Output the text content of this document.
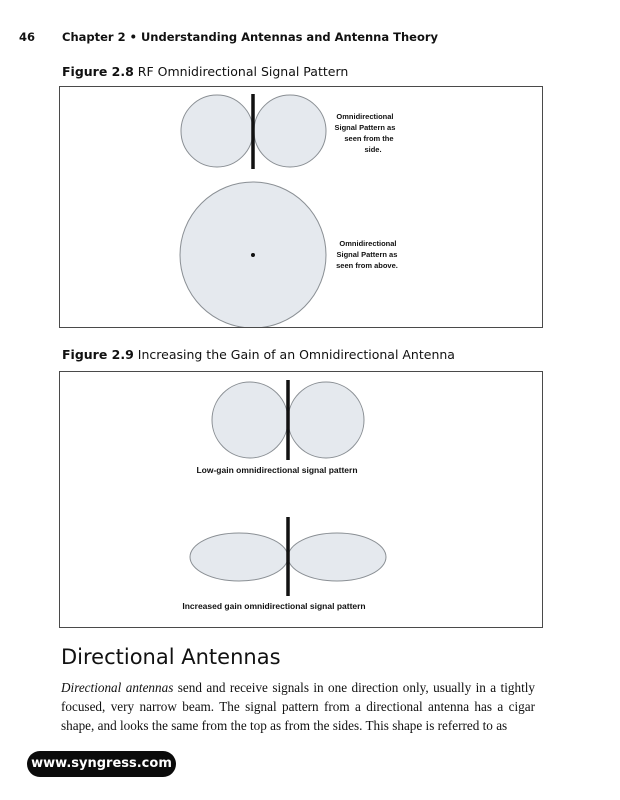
46 Chapter 2 • Understanding Antennas and Antenna Theory
Figure 2.8 RF Omnidirectional Signal Pattern
Omnidirectional Signal Pattern as seen from the side.
Omnidirectional Signal Pattern as seen from above.
Figure 2.9 Increasing the Gain of an Omnidirectional Antenna
Low-gain omnidirectional signal pattern
Increased gain omnidirectional signal pattern
Directional Antennas
Directional antennas send and receive signals in one direction only, usually in a tightly focused, very narrow beam. The signal pattern from a directional antenna has a cigar shape, and looks the same from the top as from the sides. This shape is referred to as
www.syngress.com
